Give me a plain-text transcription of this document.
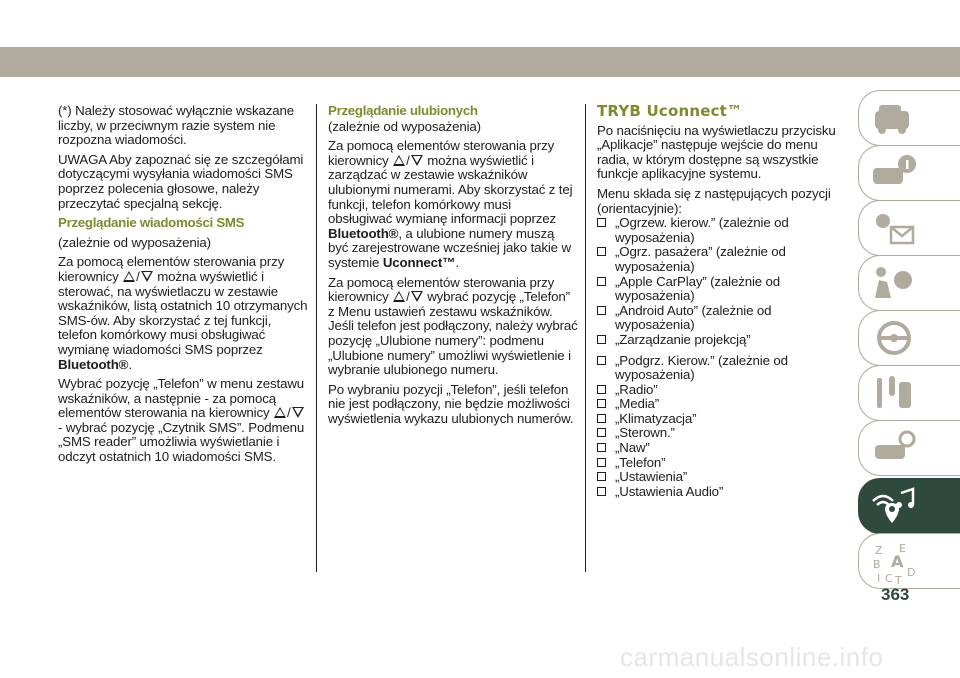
(*) Należy stosować wyłącznie wskazane liczby, w przeciwnym razie system nie rozpozna wiadomości.

UWAGA Aby zapoznać się ze szczegółami dotyczącymi wysyłania wiadomości SMS poprzez polecenia głosowe, należy przeczytać specjalną sekcję.

Przeglądanie wiadomości SMS

(zależnie od wyposażenia)

Za pomocą elementów sterowania przy kierownicy / można wyświetlić i sterować, na wyświetlaczu w zestawie wskaźników, listą ostatnich 10 otrzymanych SMS-ów. Aby skorzystać z tej funkcji, telefon komórkowy musi obsługiwać wymianę wiadomości SMS poprzez Bluetooth®.

Wybrać pozycję „Telefon” w menu zestawu wskaźników, a następnie - za pomocą elementów sterowania na kierownicy / - wybrać pozycję „Czytnik SMS”. Podmenu „SMS reader” umożliwia wyświetlanie i odczyt ostatnich 10 wiadomości SMS.

Przeglądanie ulubionych

(zależnie od wyposażenia)

Za pomocą elementów sterowania przy kierownicy / można wyświetlić i zarządzać w zestawie wskaźników ulubionymi numerami. Aby skorzystać z tej funkcji, telefon komórkowy musi obsługiwać wymianę informacji poprzez Bluetooth®, a ulubione numery muszą być zarejestrowane wcześniej jako takie w systemie Uconnect™.

Za pomocą elementów sterowania przy kierownicy / wybrać pozycję „Telefon” z Menu ustawień zestawu wskaźników. Jeśli telefon jest podłączony, należy wybrać pozycję „Ulubione numery”: podmenu „Ulubione numery” umożliwi wyświetlenie i wybranie ulubionego numeru.

Po wybraniu pozycji „Telefon”, jeśli telefon nie jest podłączony, nie będzie możliwości wyświetlenia wykazu ulubionych numerów.

TRYB Uconnect™

Po naciśnięciu na wyświetlaczu przycisku „Aplikacje” następuje wejście do menu radia, w którym dostępne są wszystkie funkcje aplikacyjne systemu.

Menu składa się z następujących pozycji (orientacyjnie):

„Ogrzew. kierow.” (zależnie od wyposażenia)
„Ogrz. pasażera” (zależnie od wyposażenia)
„Apple CarPlay” (zależnie od wyposażenia)
„Android Auto” (zależnie od wyposażenia)
„Zarządzanie projekcją”
„Podgrz. Kierow.” (zależnie od wyposażenia)
„Radio”
„Media”
„Klimatyzacja”
„Sterown.”
„Naw”
„Telefon”
„Ustawienia”
„Ustawienia Audio”
Z E
B A
I C T
D
363
carmanualsonline.info
